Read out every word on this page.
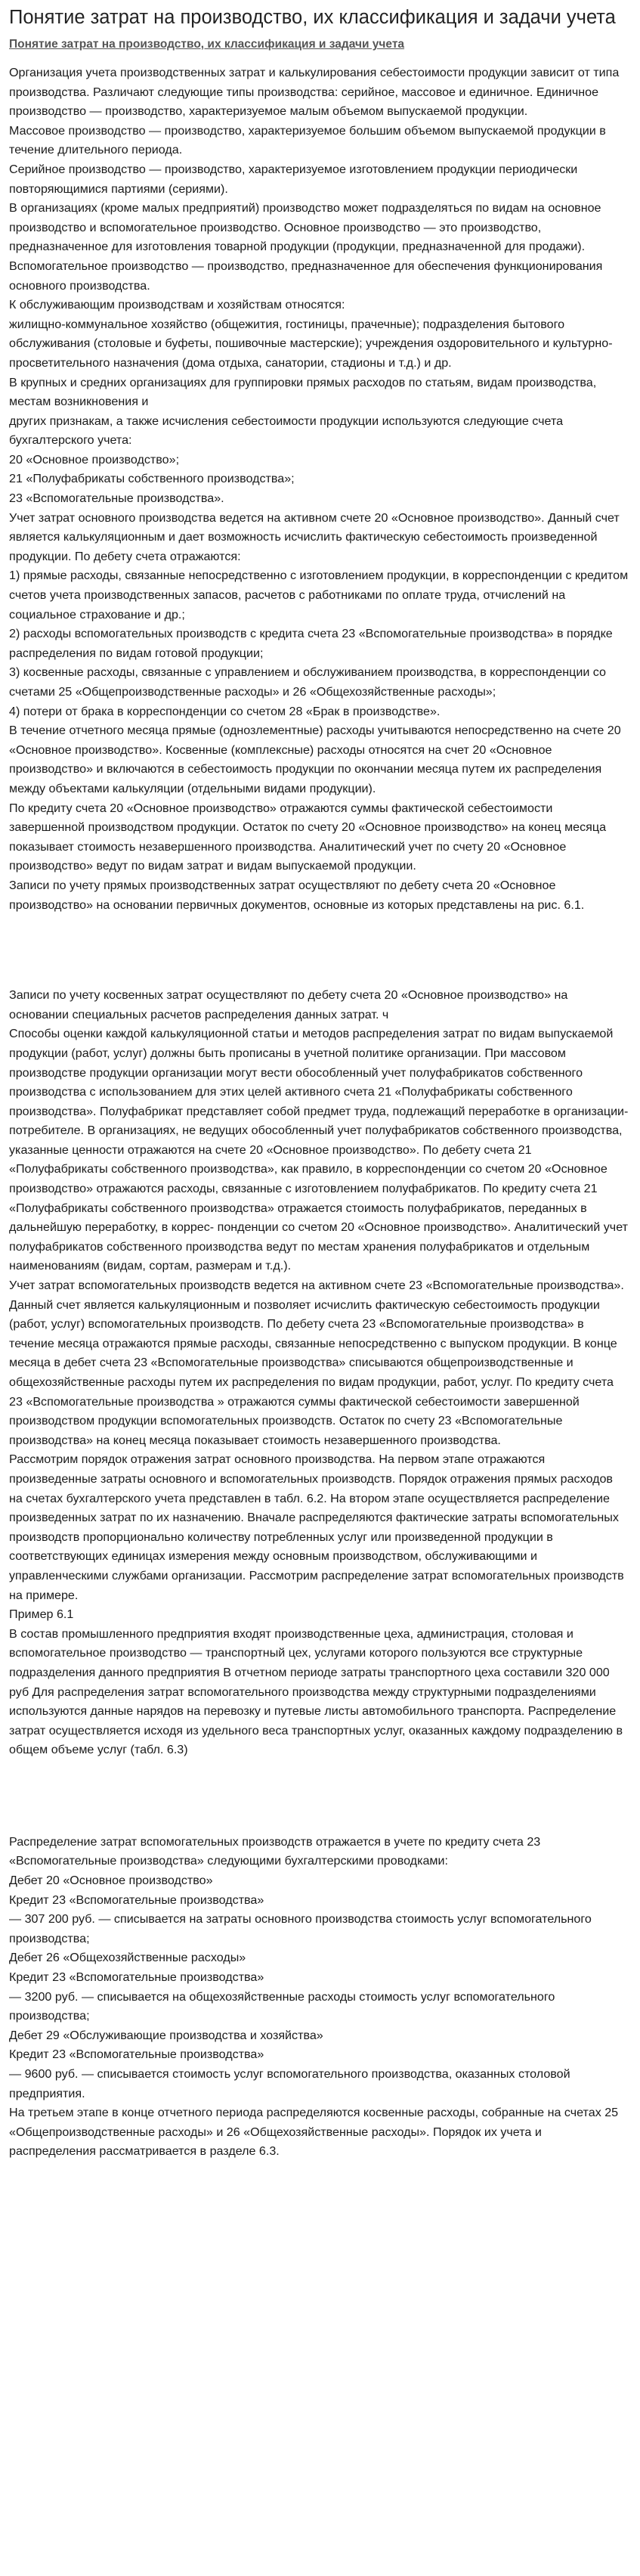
Понятие затрат на производство, их классификация и задачи учета
Понятие затрат на производство, их классификация и задачи учета
Организация учета производственных затрат и калькулирования себестоимости продукции зависит от типа производства. Различают следующие типы производства: серийное, массовое и единичное. Единичное производство — производство, характеризуемое малым объемом выпускаемой продукции.
Массовое производство — производство, характеризуемое большим объемом выпускаемой продукции в течение длительного периода.
Серийное производство — производство, характеризуемое изготовлением продукции периодически повторяющимися партиями (сериями).
В организациях (кроме малых предприятий) производство может подразделяться по видам на основное производство и вспомогательное производство. Основное производство — это производство, предназначенное для изготовления товарной продукции (продукции, предназначенной для продажи). Вспомогательное производство — производство, предназначенное для обеспечения функционирования основного производства.
К обслуживающим производствам и хозяйствам относятся:
жилищно-коммунальное хозяйство (общежития, гостиницы, прачечные); подразделения бытового обслуживания (столовые и буфеты, пошивочные мастерские); учреждения оздоровительного и культурно-просветительного назначения (дома отдыха, санатории, стадионы и т.д.) и др.
В крупных и средних организациях для группировки прямых расходов по статьям, видам производства, местам возникновения и
других признакам, а также исчисления себестоимости продукции используются следующие счета бухгалтерского учета:
20 «Основное производство»;
21 «Полуфабрикаты собственного производства»;
23 «Вспомогательные производства».
Учет затрат основного производства ведется на активном счете 20 «Основное производство». Данный счет является калькуляционным и дает возможность исчислить фактическую себестоимость произведенной продукции. По дебету счета отражаются:
1) прямые расходы, связанные непосредственно с изготовлением продукции, в корреспонденции с кредитом счетов учета производственных запасов, расчетов с работниками по оплате труда, отчислений на социальное страхование и др.;
2) расходы вспомогательных производств с кредита счета 23 «Вспомогательные производства» в порядке распределения по видам готовой продукции;
3) косвенные расходы, связанные с управлением и обслуживанием производства, в корреспонденции со счетами 25 «Общепроизводственные расходы» и 26 «Общехозяйственные расходы»;
4) потери от брака в корреспонденции со счетом 28 «Брак в производстве».
В течение отчетного месяца прямые (однозлементные) расходы учитываются непосредственно на счете 20 «Основное производство». Косвенные (комплексные) расходы относятся на счет 20 «Основное производство» и включаются в себестоимость продукции по окончании месяца путем их распределения между объектами калькуляции (отдельными видами продукции).
По кредиту счета 20 «Основное производство» отражаются суммы фактической себестоимости завершенной производством продукции. Остаток по счету 20 «Основное производство» на конец месяца показывает стоимость незавершенного производства. Аналитический учет по счету 20 «Основное производство» ведут по видам затрат и видам выпускаемой продукции.
Записи по учету прямых производственных затрат осуществляют по дебету счета 20 «Основное производство» на основании первичных документов, основные из которых представлены на рис. 6.1.
Записи по учету косвенных затрат осуществляют по дебету счета 20 «Основное производство» на основании специальных расчетов распределения данных затрат. ч
Способы оценки каждой калькуляционной статьи и методов распределения затрат по видам выпускаемой продукции (работ, услуг) должны быть прописаны в учетной политике организации. При массовом производстве продукции организации могут вести обособленный учет полуфабрикатов собственного производства с использованием для этих целей активного счета 21 «Полуфабрикаты собственного производства». Полуфабрикат представляет собой предмет труда, подлежащий переработке в организации-потребителе. В организациях, не ведущих обособленный учет полуфабрикатов собственного производства, указанные ценности отражаются на счете 20 «Основное производство». По дебету счета 21 «Полуфабрикаты собственного производства», как правило, в корреспонденции со счетом 20 «Основное производство» отражаются расходы, связанные с изготовлением полуфабрикатов. По кредиту счета 21 «Полуфабрикаты собственного производства» отражается стоимость полуфабрикатов, переданных в дальнейшую переработку, в коррес- понденции со счетом 20 «Основное производство». Аналитический учет полуфабрикатов собственного производства ведут по местам хранения полуфабрикатов и отдельным наименованиям (видам, сортам, размерам и т.д.).
Учет затрат вспомогательных производств ведется на активном счете 23 «Вспомогательные производства». Данный счет является калькуляционным и позволяет исчислить фактическую себестоимость продукции (работ, услуг) вспомогательных производств. По дебету счета 23 «Вспомогательные производства» в течение месяца отражаются прямые расходы, связанные непосредственно с выпуском продукции. В конце месяца в дебет счета 23 «Вспомогательные производства» списываются общепроизводственные и общехозяйственные расходы путем их распределения по видам продукции, работ, услуг. По кредиту счета 23 «Вспомогательные производства » отражаются суммы фактической себестоимости завершенной производством продукции вспомогательных производств. Остаток по счету 23 «Вспомогательные производства» на конец месяца показывает стоимость незавершенного производства.
Рассмотрим порядок отражения затрат основного производства. На первом этапе отражаются произведенные затраты основного и вспомогательных производств. Порядок отражения прямых расходов на счетах бухгалтерского учета представлен в табл. 6.2. На втором этапе осуществляется распределение произведенных затрат по их назначению. Вначале распределяются фактические затраты вспомогательных производств пропорционально количеству потребленных услуг или произведенной продукции в соответствующих единицах измерения между основным производством, обслуживающими и управленческими службами организации. Рассмотрим распределение затрат вспомогательных производств на примере.
Пример 6.1
В состав промышленного предприятия входят производственные цеха, администрация, столовая и вспомогательное производство — транспортный цех, услугами которого пользуются все структурные подразделения данного предприятия В отчетном периоде затраты транспортного цеха составили 320 000 руб Для распределения затрат вспомогательного производства между структурными подразделениями используются данные нарядов на перевозку и путевые листы автомобильного транспорта. Распределение затрат осуществляется исходя из удельного веса транспортных услуг, оказанных каждому подразделению в общем объеме услуг (табл. 6.3)
Распределение затрат вспомогательных производств отражается в учете по кредиту счета 23 «Вспомогательные производства» следующими бухгалтерскими проводками:
Дебет 20 «Основное производство»
Кредит 23 «Вспомогательные производства»
— 307 200 руб. — списывается на затраты основного производства стоимость услуг вспомогательного производства;
Дебет 26 «Общехозяйственные расходы»
Кредит 23 «Вспомогательные производства»
— 3200 руб. — списывается на общехозяйственные расходы стоимость услуг вспомогательного производства;
Дебет 29 «Обслуживающие производства и хозяйства»
Кредит 23 «Вспомогательные производства»
— 9600 руб. — списывается стоимость услуг вспомогательного производства, оказанных столовой предприятия.
На третьем этапе в конце отчетного периода распределяются косвенные расходы, собранные на счетах 25 «Общепроизводственные расходы» и 26 «Общехозяйственные расходы». Порядок их учета и распределения рассматривается в разделе 6.3.
